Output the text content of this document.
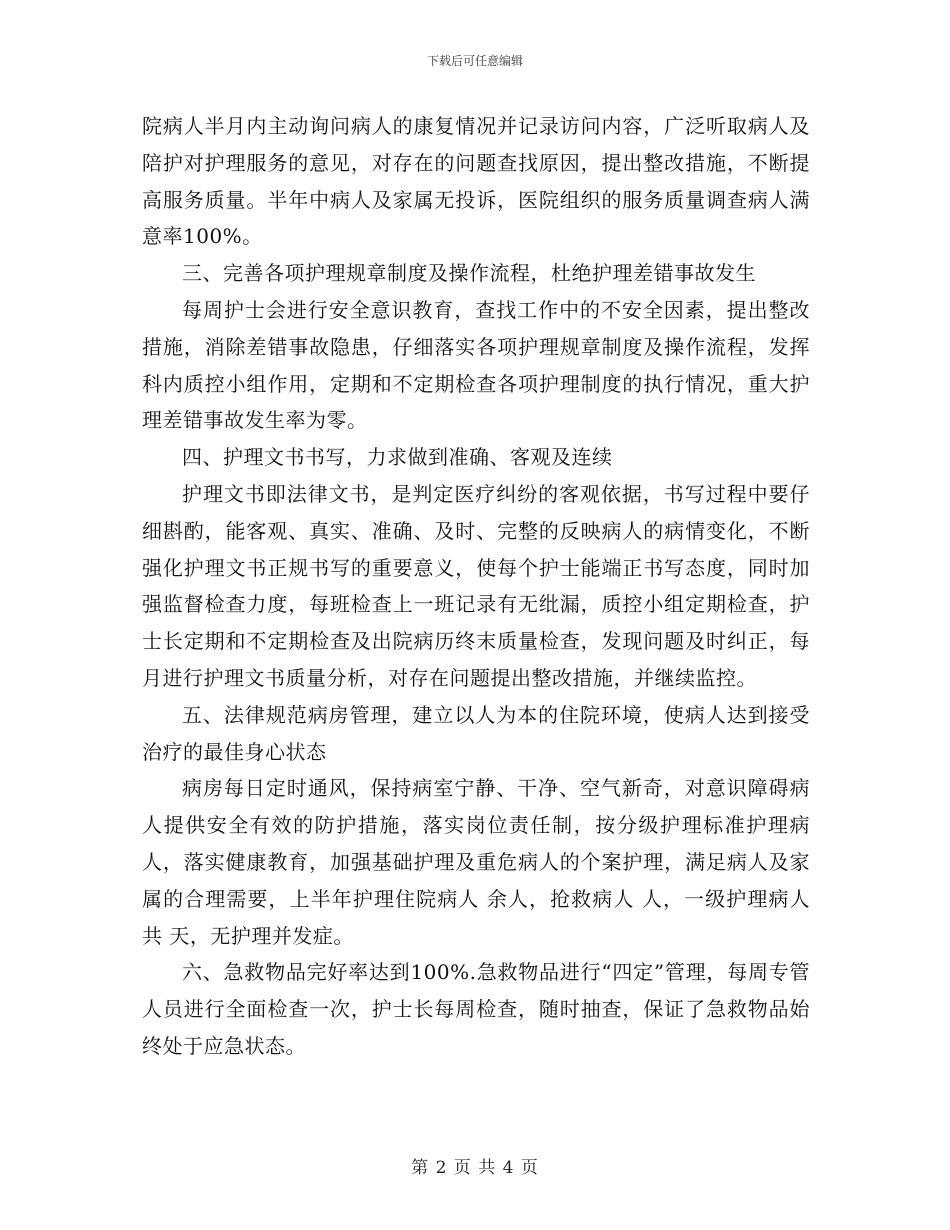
下载后可任意编辑

院病人半月内主动询问病人的康复情况并记录访问内容，广泛听取病人及陪护对护理服务的意见，对存在的问题查找原因，提出整改措施，不断提高服务质量。半年中病人及家属无投诉，医院组织的服务质量调查病人满意率100%。

三、完善各项护理规章制度及操作流程，杜绝护理差错事故发生

每周护士会进行安全意识教育，查找工作中的不安全因素，提出整改措施，消除差错事故隐患，仔细落实各项护理规章制度及操作流程，发挥科内质控小组作用，定期和不定期检查各项护理制度的执行情况，重大护理差错事故发生率为零。

四、护理文书书写，力求做到准确、客观及连续

护理文书即法律文书，是判定医疗纠纷的客观依据，书写过程中要仔细斟酌，能客观、真实、准确、及时、完整的反映病人的病情变化，不断强化护理文书正规书写的重要意义，使每个护士能端正书写态度，同时加强监督检查力度，每班检查上一班记录有无纰漏，质控小组定期检查，护士长定期和不定期检查及出院病历终末质量检查，发现问题及时纠正，每月进行护理文书质量分析，对存在问题提出整改措施，并继续监控。

五、法律规范病房管理，建立以人为本的住院环境，使病人达到接受治疗的最佳身心状态

病房每日定时通风，保持病室宁静、干净、空气新奇，对意识障碍病人提供安全有效的防护措施，落实岗位责任制，按分级护理标准护理病人，落实健康教育，加强基础护理及重危病人的个案护理，满足病人及家属的合理需要，上半年护理住院病人 余人，抢救病人 人，一级护理病人共 天，无护理并发症。

六、急救物品完好率达到100%.急救物品进行“四定”管理，每周专管人员进行全面检查一次，护士长每周检查，随时抽查，保证了急救物品始终处于应急状态。

第 2 页 共 4 页
